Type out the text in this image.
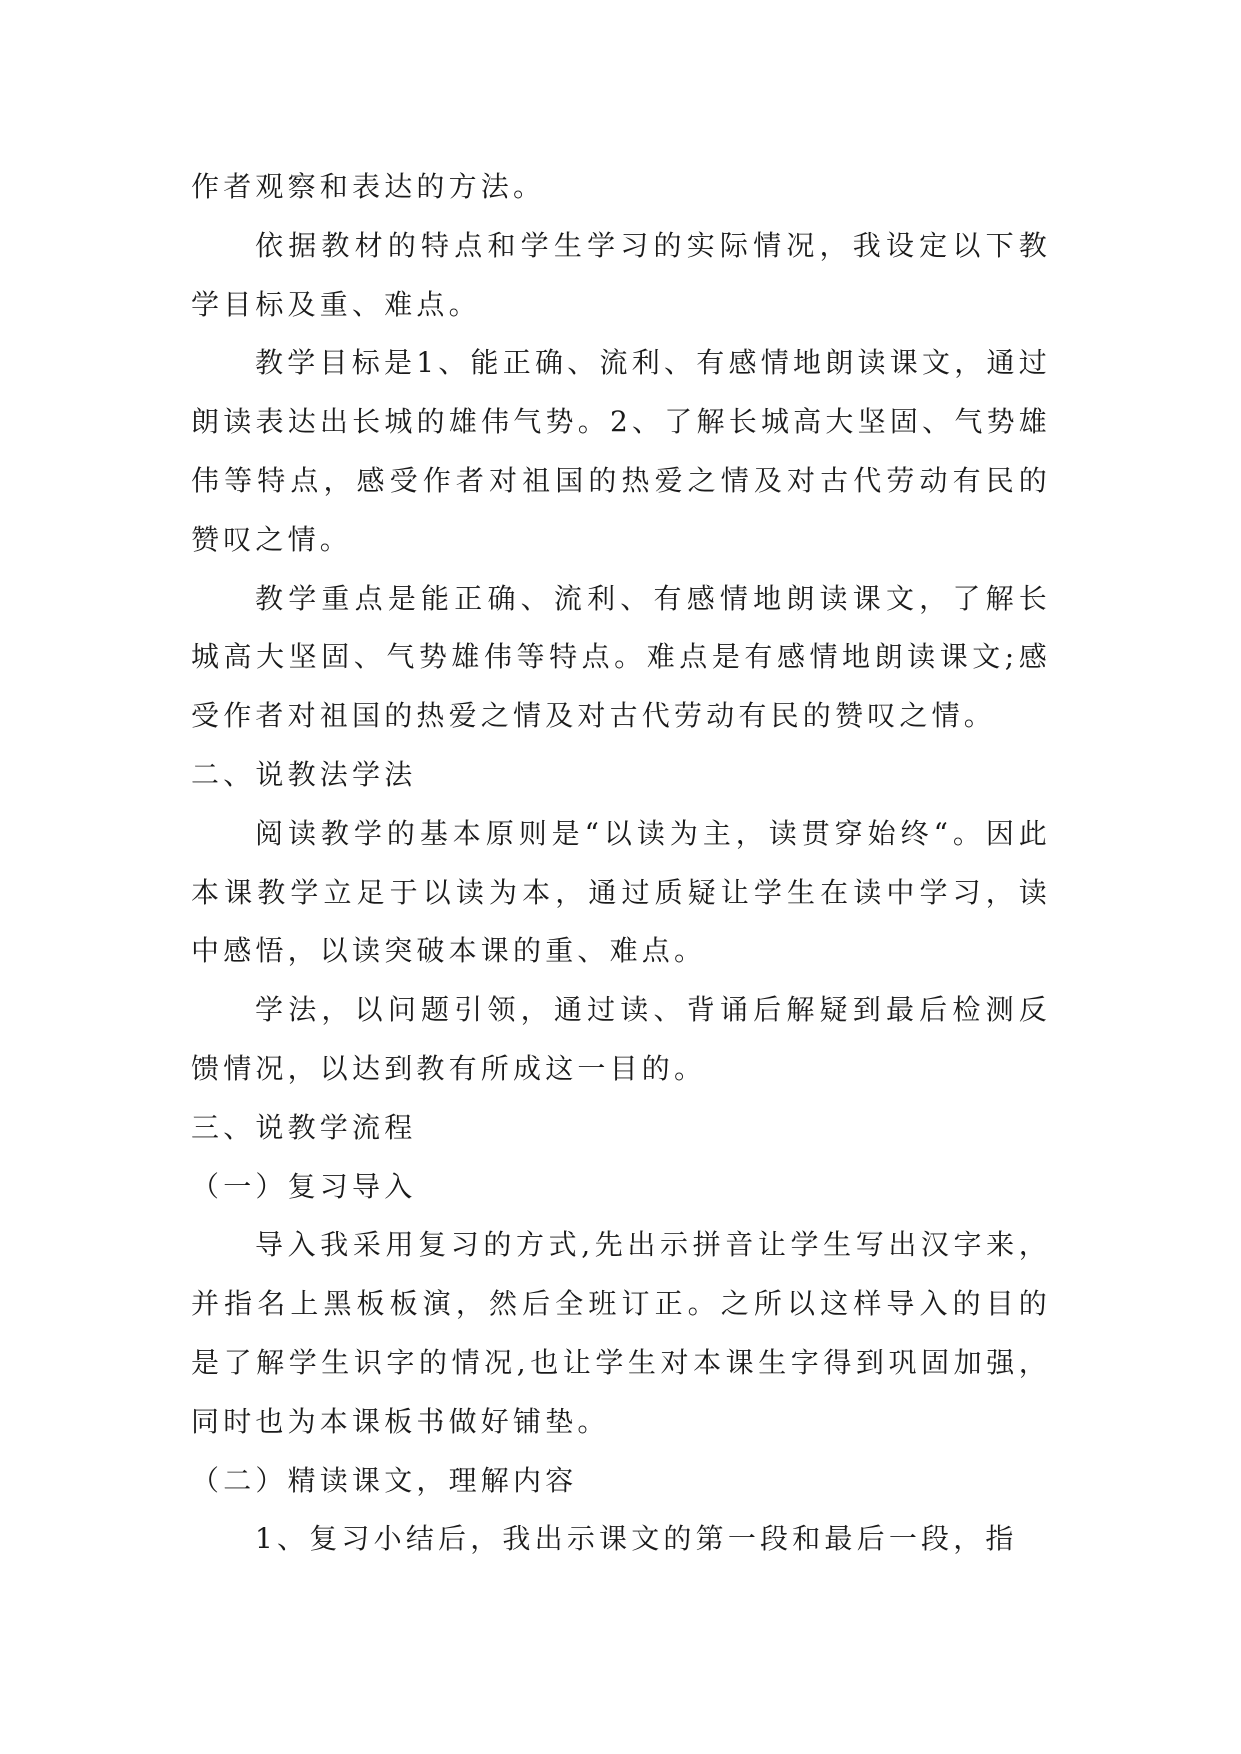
作者观察和表达的方法。

依据教材的特点和学生学习的实际情况，我设定以下教学目标及重、难点。

教学目标是1、能正确、流利、有感情地朗读课文，通过朗读表达出长城的雄伟气势。2、了解长城高大坚固、气势雄伟等特点，感受作者对祖国的热爱之情及对古代劳动有民的赞叹之情。

教学重点是能正确、流利、有感情地朗读课文，了解长城高大坚固、气势雄伟等特点。难点是有感情地朗读课文;感受作者对祖国的热爱之情及对古代劳动有民的赞叹之情。

二、说教法学法

阅读教学的基本原则是“以读为主，读贯穿始终“。因此本课教学立足于以读为本，通过质疑让学生在读中学习，读中感悟，以读突破本课的重、难点。

学法，以问题引领，通过读、背诵后解疑到最后检测反馈情况，以达到教有所成这一目的。

三、说教学流程

（一）复习导入

导入我采用复习的方式,先出示拼音让学生写出汉字来，并指名上黑板板演，然后全班订正。之所以这样导入的目的是了解学生识字的情况,也让学生对本课生字得到巩固加强，同时也为本课板书做好铺垫。

（二）精读课文，理解内容

1、复习小结后，我出示课文的第一段和最后一段，指
